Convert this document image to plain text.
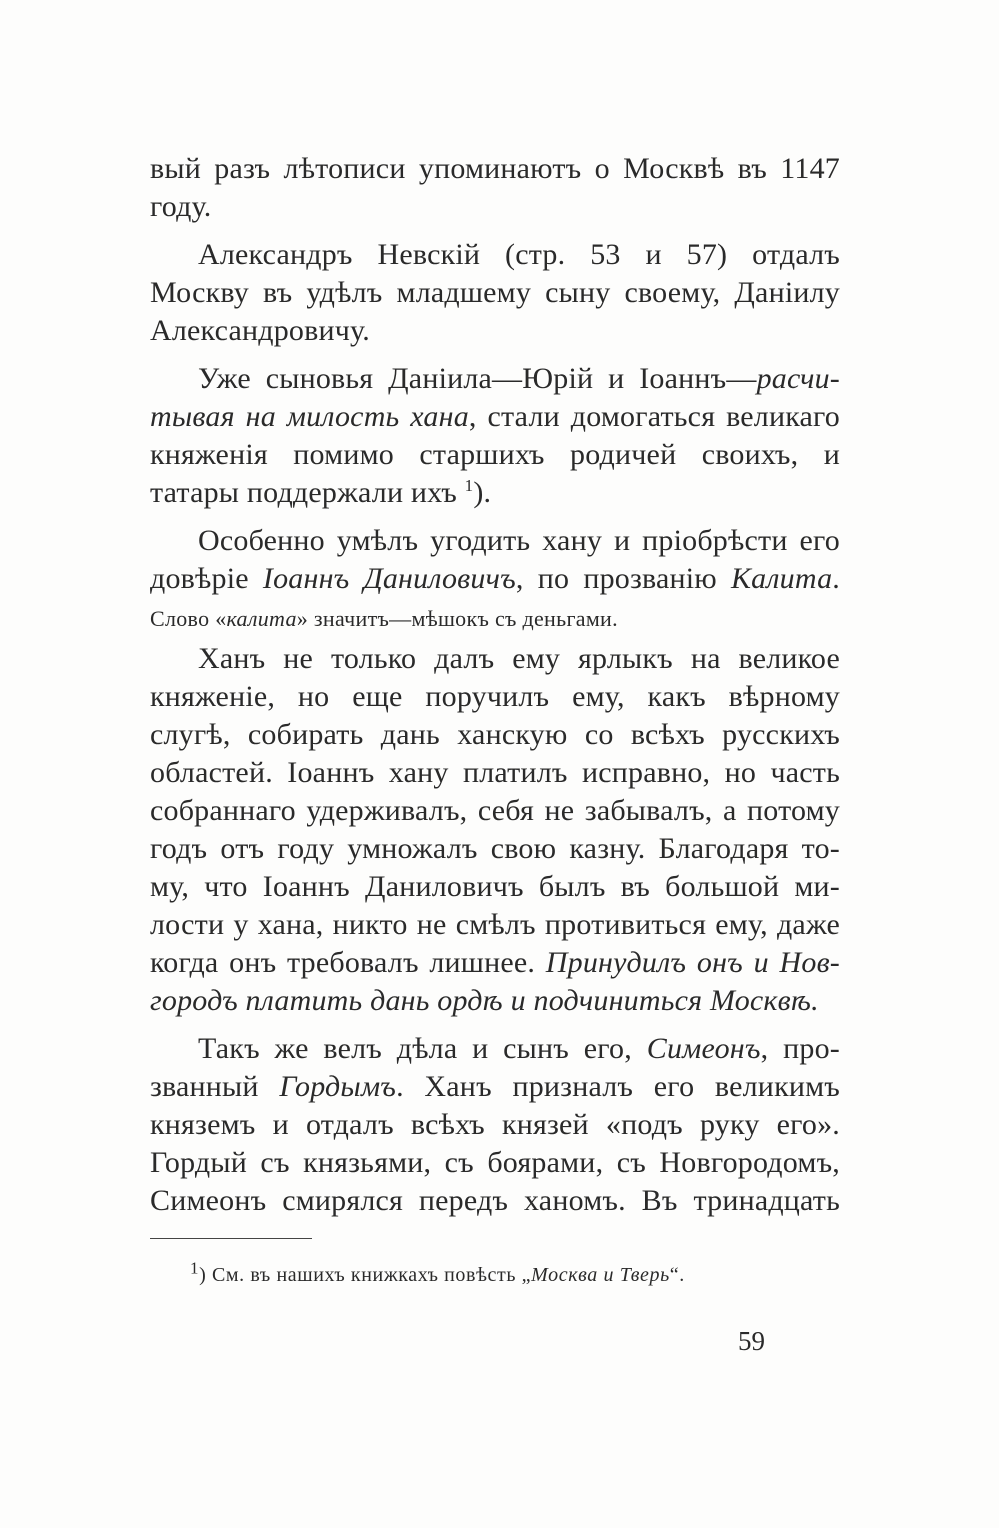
вый разъ лѣтописи упоминаютъ о Москвѣ въ 1147
году.
Александръ Невскій (стр. 53 и 57) отдалъ
Москву въ удѣлъ младшему сыну своему, Даніилу
Александровичу.
Уже сыновья Даніила—Юрій и Іоаннъ—расчи-
тывая на милость хана, стали домогаться великаго
княженія помимо старшихъ родичей своихъ, и
татары поддержали ихъ $^1$).
Особенно умѣлъ угодить хану и пріобрѣсти его
довѣріе Іоаннъ Даниловичъ, по прозванію Калита.
Слово «калита» значитъ—мѣшокъ съ деньгами.
Ханъ не только далъ ему ярлыкъ на великое
княженіе, но еще поручилъ ему, какъ вѣрному
слугѣ, собирать дань ханскую со всѣхъ русскихъ
областей. Іоаннъ хану платилъ исправно, но часть
собраннаго удерживалъ, себя не забывалъ, а потому
годъ отъ году умножалъ свою казну. Благодаря то-
му, что Іоаннъ Даниловичъ былъ въ большой ми-
лости у хана, никто не смѣлъ противиться ему, даже
когда онъ требовалъ лишнее. Принудилъ онъ и Нов-
городъ платить дань ордѣ и подчиниться Москвѣ.
Такъ же велъ дѣла и сынъ его, Симеонъ, про-
званный Гордымъ. Ханъ призналъ его великимъ
княземъ и отдалъ всѣхъ князей «подъ руку его».
Гордый съ князьями, съ боярами, съ Новгородомъ,
Симеонъ смирялся передъ ханомъ. Въ тринадцать
$^1$) См. въ нашихъ книжкахъ повѣсть „Москва и Тверь“.
59
